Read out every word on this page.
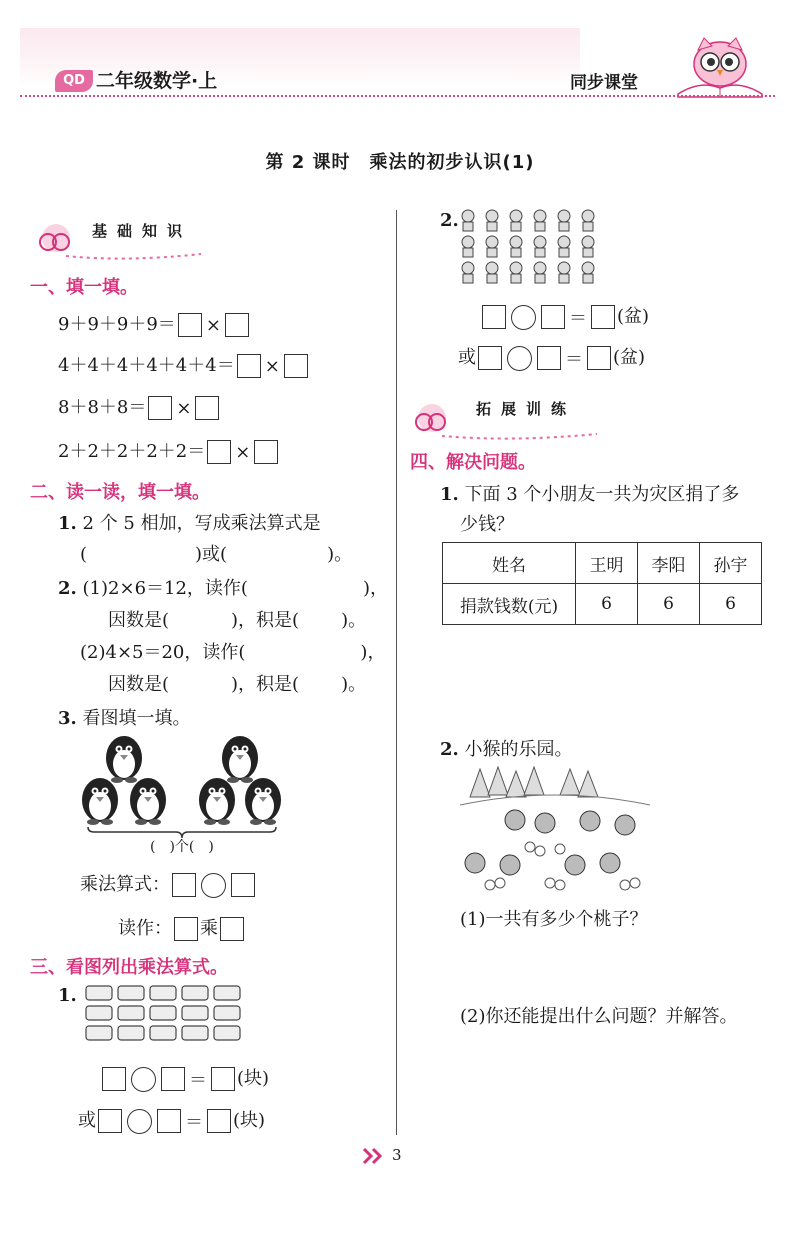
QD 二年级数学·上	同步课堂
第 2 课时　乘法的初步认识(1)
基础知识
一、填一填。
9＋9＋9＋9＝ ×
4＋4＋4＋4＋4＋4＝ ×
8＋8＋8＝ ×
2＋2＋2＋2＋2＝ ×
二、读一读，填一填。
1. 2 个 5 相加，写成乘法算式是
(	)或(	)。
2. (1)2×6＝12，读作(	)，
因数是(	)，积是( )。
(2)4×5＝20，读作(	)，
因数是(	)，积是( )。
3. 看图填一填。
(　)个(　)
乘法算式：
读作： 乘
三、看图列出乘法算式。
1.
＝ (块)
或	＝ (块)
2.
＝ (盆)
或	＝ (盆)
拓展训练
四、解决问题。
1. 下面 3 个小朋友一共为灾区捐了多
少钱？
姓名	王明	李阳	孙宇
捐款钱数(元)	6	6	6
2. 小猴的乐园。
(1)一共有多少个桃子？
(2)你还能提出什么问题？并解答。
3
